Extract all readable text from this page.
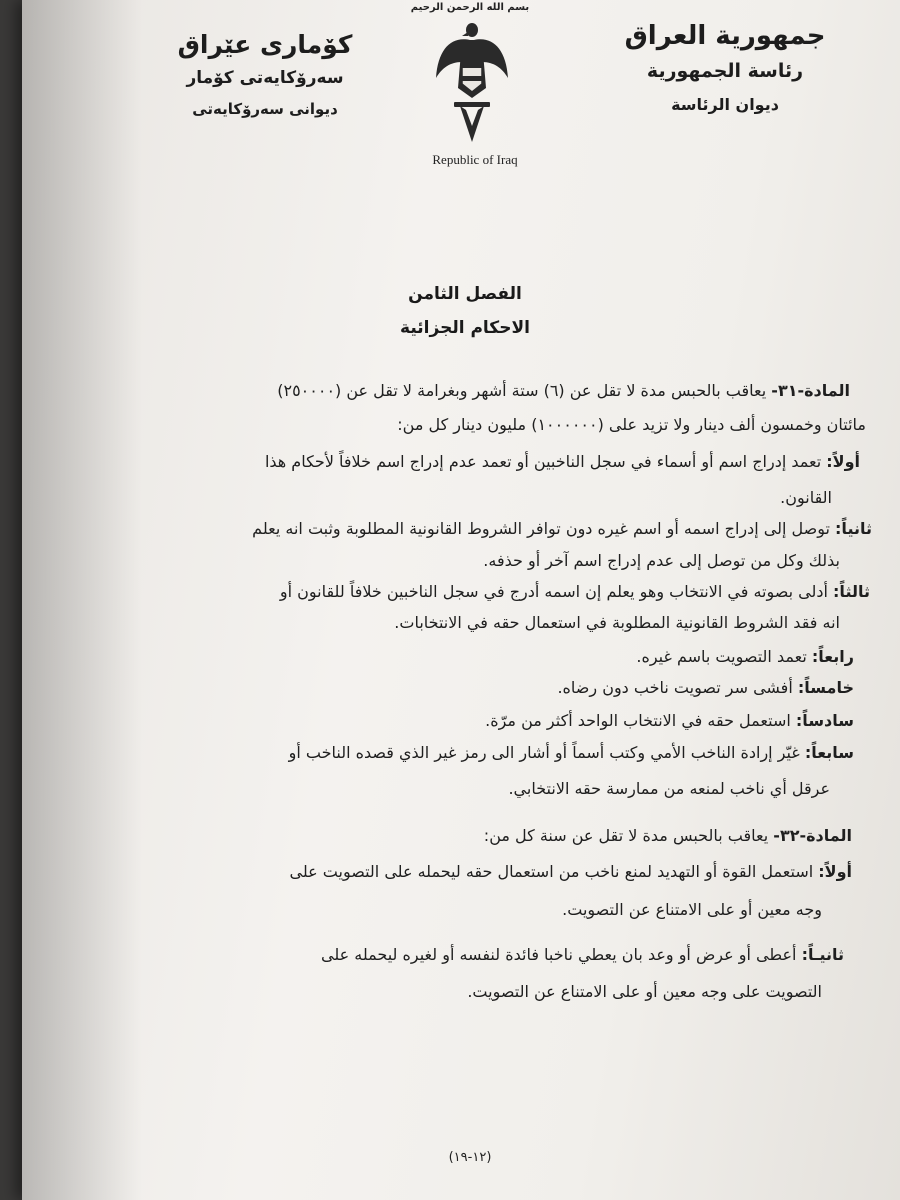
جمهورية العراق
رئاسة الجمهورية
ديوان الرئاسة
كۆماری عێراق
سەرۆكایەتی كۆمار
دیوانی سەرۆكایەتی
بسم الله الرحمن الرحيم
Republic of Iraq
الفصل الثامن
الاحكام الجزائية
المادة-٣١- يعاقب بالحبس مدة لا تقل عن (٦) ستة أشهر وبغرامة لا تقل عن (٢٥٠٠٠٠)
مائتان وخمسون ألف دينار ولا تزيد على (١٠٠٠٠٠٠) مليون دينار كل من:
أولاً: تعمد إدراج اسم أو أسماء في سجل الناخبين أو تعمد عدم إدراج اسم خلافاً لأحكام هذا
القانون.
ثانياً: توصل إلى إدراج اسمه أو اسم غيره دون توافر الشروط القانونية المطلوبة وثبت انه يعلم
بذلك وكل من توصل إلى عدم إدراج اسم آخر أو حذفه.
ثالثاً: أدلى بصوته في الانتخاب وهو يعلم إن اسمه أدرج في سجل الناخبين خلافاً للقانون أو
انه فقد الشروط القانونية المطلوبة في استعمال حقه في الانتخابات.
رابعاً: تعمد التصويت باسم غيره.
خامساً: أفشى سر تصويت ناخب دون رضاه.
سادساً: استعمل حقه في الانتخاب الواحد أكثر من مرّة.
سابعاً: غيّر إرادة الناخب الأمي وكتب أسماً أو أشار الى رمز غير الذي قصده الناخب أو
عرقل أي ناخب لمنعه من ممارسة حقه الانتخابي.
المادة-٣٢- يعاقب بالحبس مدة لا تقل عن سنة كل من:
أولاً: استعمل القوة أو التهديد لمنع ناخب من استعمال حقه ليحمله على التصويت على
وجه معين أو على الامتناع عن التصويت.
ثانيـاً: أعطى أو عرض أو وعد بان يعطي ناخبا فائدة لنفسه أو لغيره ليحمله على
التصويت على وجه معين أو على الامتناع عن التصويت.
(١٢-١٩)
